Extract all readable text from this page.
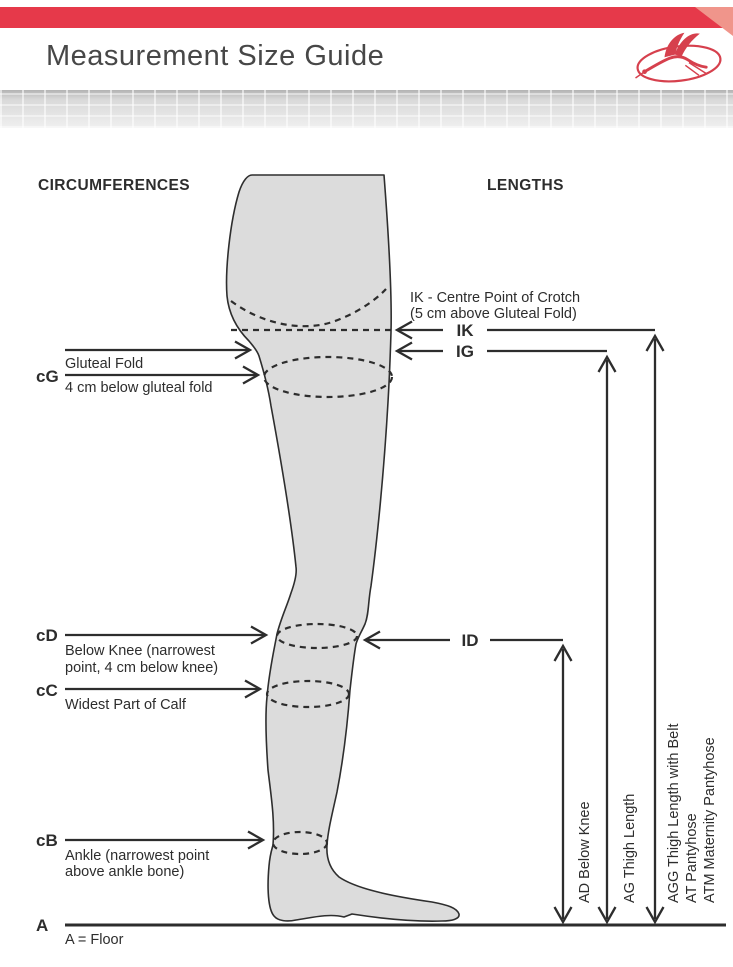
Measurement Size Guide
CIRCUMFERENCES	LENGTHS
IK - Centre Point of Crotch
(5 cm above Gluteal Fold)
IK
IG
ID
Gluteal Fold
cG
4 cm below gluteal fold
cD
Below Knee (narrowest
point, 4 cm below knee)
cC
Widest Part of Calf
cB
Ankle (narrowest point
above ankle bone)
A
A = Floor
AD Below Knee AG Thigh Length AGG Thigh Length with Belt AT Pantyhose ATM Maternity Pantyhose
